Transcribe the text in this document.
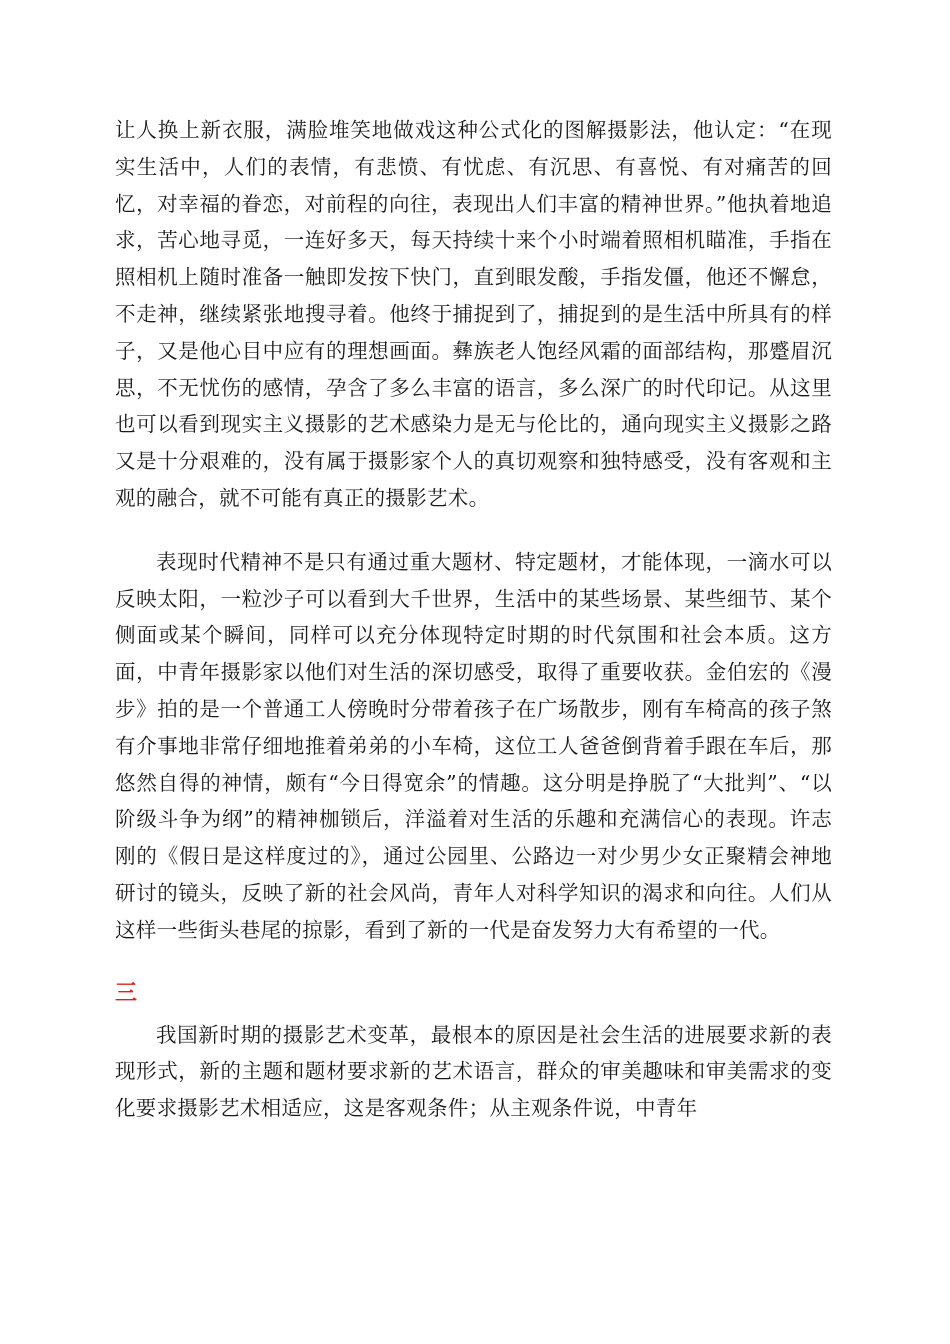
让人换上新衣服，满脸堆笑地做戏这种公式化的图解摄影法，他认定：“在现实生活中，人们的表情，有悲愤、有忧虑、有沉思、有喜悦、有对痛苦的回忆，对幸福的眷恋，对前程的向往，表现出人们丰富的精神世界。”他执着地追求，苦心地寻觅，一连好多天，每天持续十来个小时端着照相机瞄准，手指在照相机上随时准备一触即发按下快门，直到眼发酸，手指发僵，他还不懈怠，不走神，继续紧张地搜寻着。他终于捕捉到了，捕捉到的是生活中所具有的样子，又是他心目中应有的理想画面。彝族老人饱经风霜的面部结构，那蹙眉沉思，不无忧伤的感情，孕含了多么丰富的语言，多么深广的时代印记。从这里也可以看到现实主义摄影的艺术感染力是无与伦比的，通向现实主义摄影之路又是十分艰难的，没有属于摄影家个人的真切观察和独特感受，没有客观和主观的融合，就不可能有真正的摄影艺术。

表现时代精神不是只有通过重大题材、特定题材，才能体现，一滴水可以反映太阳，一粒沙子可以看到大千世界，生活中的某些场景、某些细节、某个侧面或某个瞬间，同样可以充分体现特定时期的时代氛围和社会本质。这方面，中青年摄影家以他们对生活的深切感受，取得了重要收获。金伯宏的《漫步》拍的是一个普通工人傍晚时分带着孩子在广场散步，刚有车椅高的孩子煞有介事地非常仔细地推着弟弟的小车椅，这位工人爸爸倒背着手跟在车后，那悠然自得的神情，颇有“今日得宽余”的情趣。这分明是挣脱了“大批判”、“以阶级斗争为纲”的精神枷锁后，洋溢着对生活的乐趣和充满信心的表现。许志刚的《假日是这样度过的》，通过公园里、公路边一对少男少女正聚精会神地研讨的镜头，反映了新的社会风尚，青年人对科学知识的渴求和向往。人们从这样一些街头巷尾的掠影，看到了新的一代是奋发努力大有希望的一代。

三

我国新时期的摄影艺术变革，最根本的原因是社会生活的进展要求新的表现形式，新的主题和题材要求新的艺术语言，群众的审美趣味和审美需求的变化要求摄影艺术相适应，这是客观条件；从主观条件说，中青年
